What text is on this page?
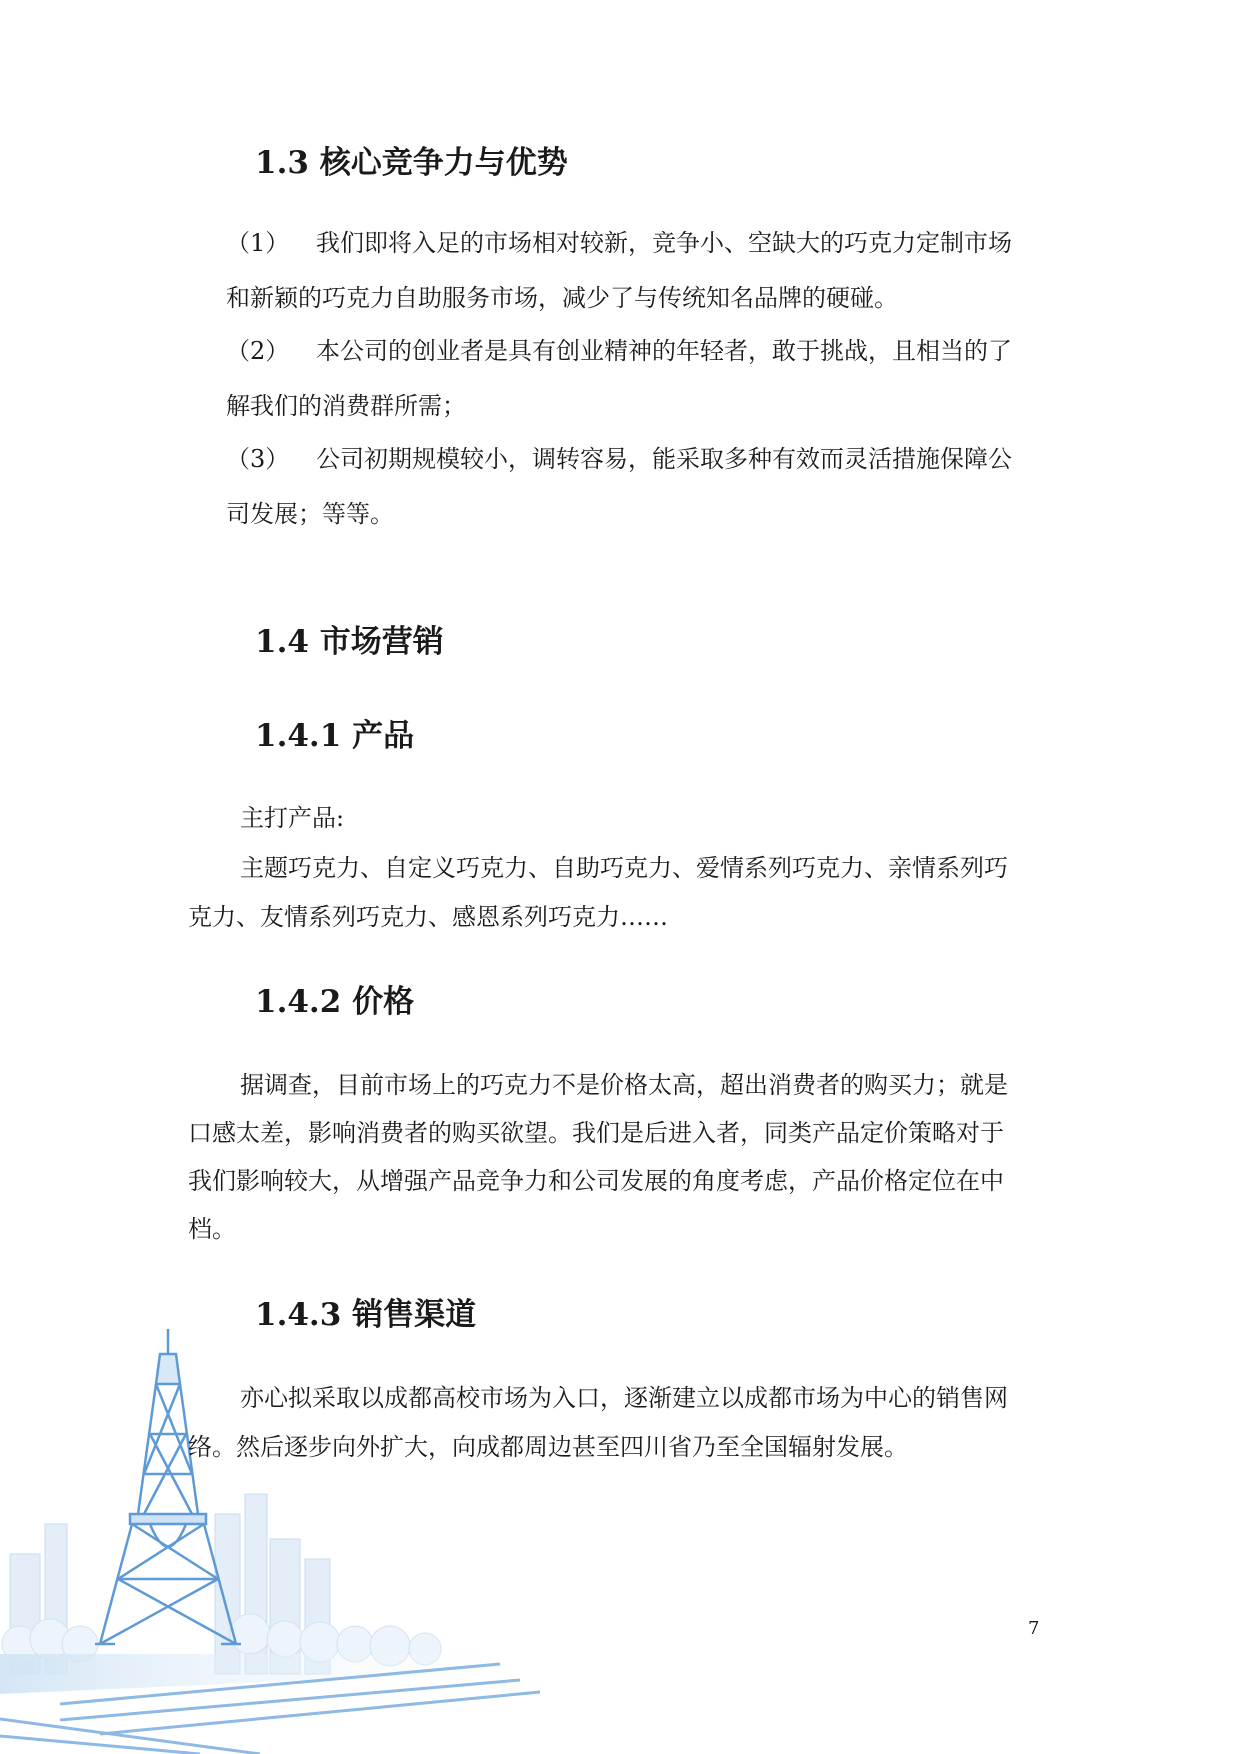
1.3 核心竞争力与优势

（1） 我们即将入足的市场相对较新，竞争小、空缺大的巧克力定制市场

和新颖的巧克力自助服务市场，减少了与传统知名品牌的硬碰。

（2） 本公司的创业者是具有创业精神的年轻者，敢于挑战，且相当的了

解我们的消费群所需；

（3） 公司初期规模较小，调转容易，能采取多种有效而灵活措施保障公

司发展；等等。

1.4 市场营销
1.4.1 产品

主打产品:

主题巧克力、自定义巧克力、自助巧克力、爱情系列巧克力、亲情系列巧

克力、友情系列巧克力、感恩系列巧克力……

1.4.2 价格

据调查，目前市场上的巧克力不是价格太高，超出消费者的购买力；就是

口感太差，影响消费者的购买欲望。我们是后进入者，同类产品定价策略对于

我们影响较大，从增强产品竞争力和公司发展的角度考虑，产品价格定位在中

档。

1.4.3 销售渠道

亦心拟采取以成都高校市场为入口，逐渐建立以成都市场为中心的销售网

络。然后逐步向外扩大，向成都周边甚至四川省乃至全国辐射发展。

7
